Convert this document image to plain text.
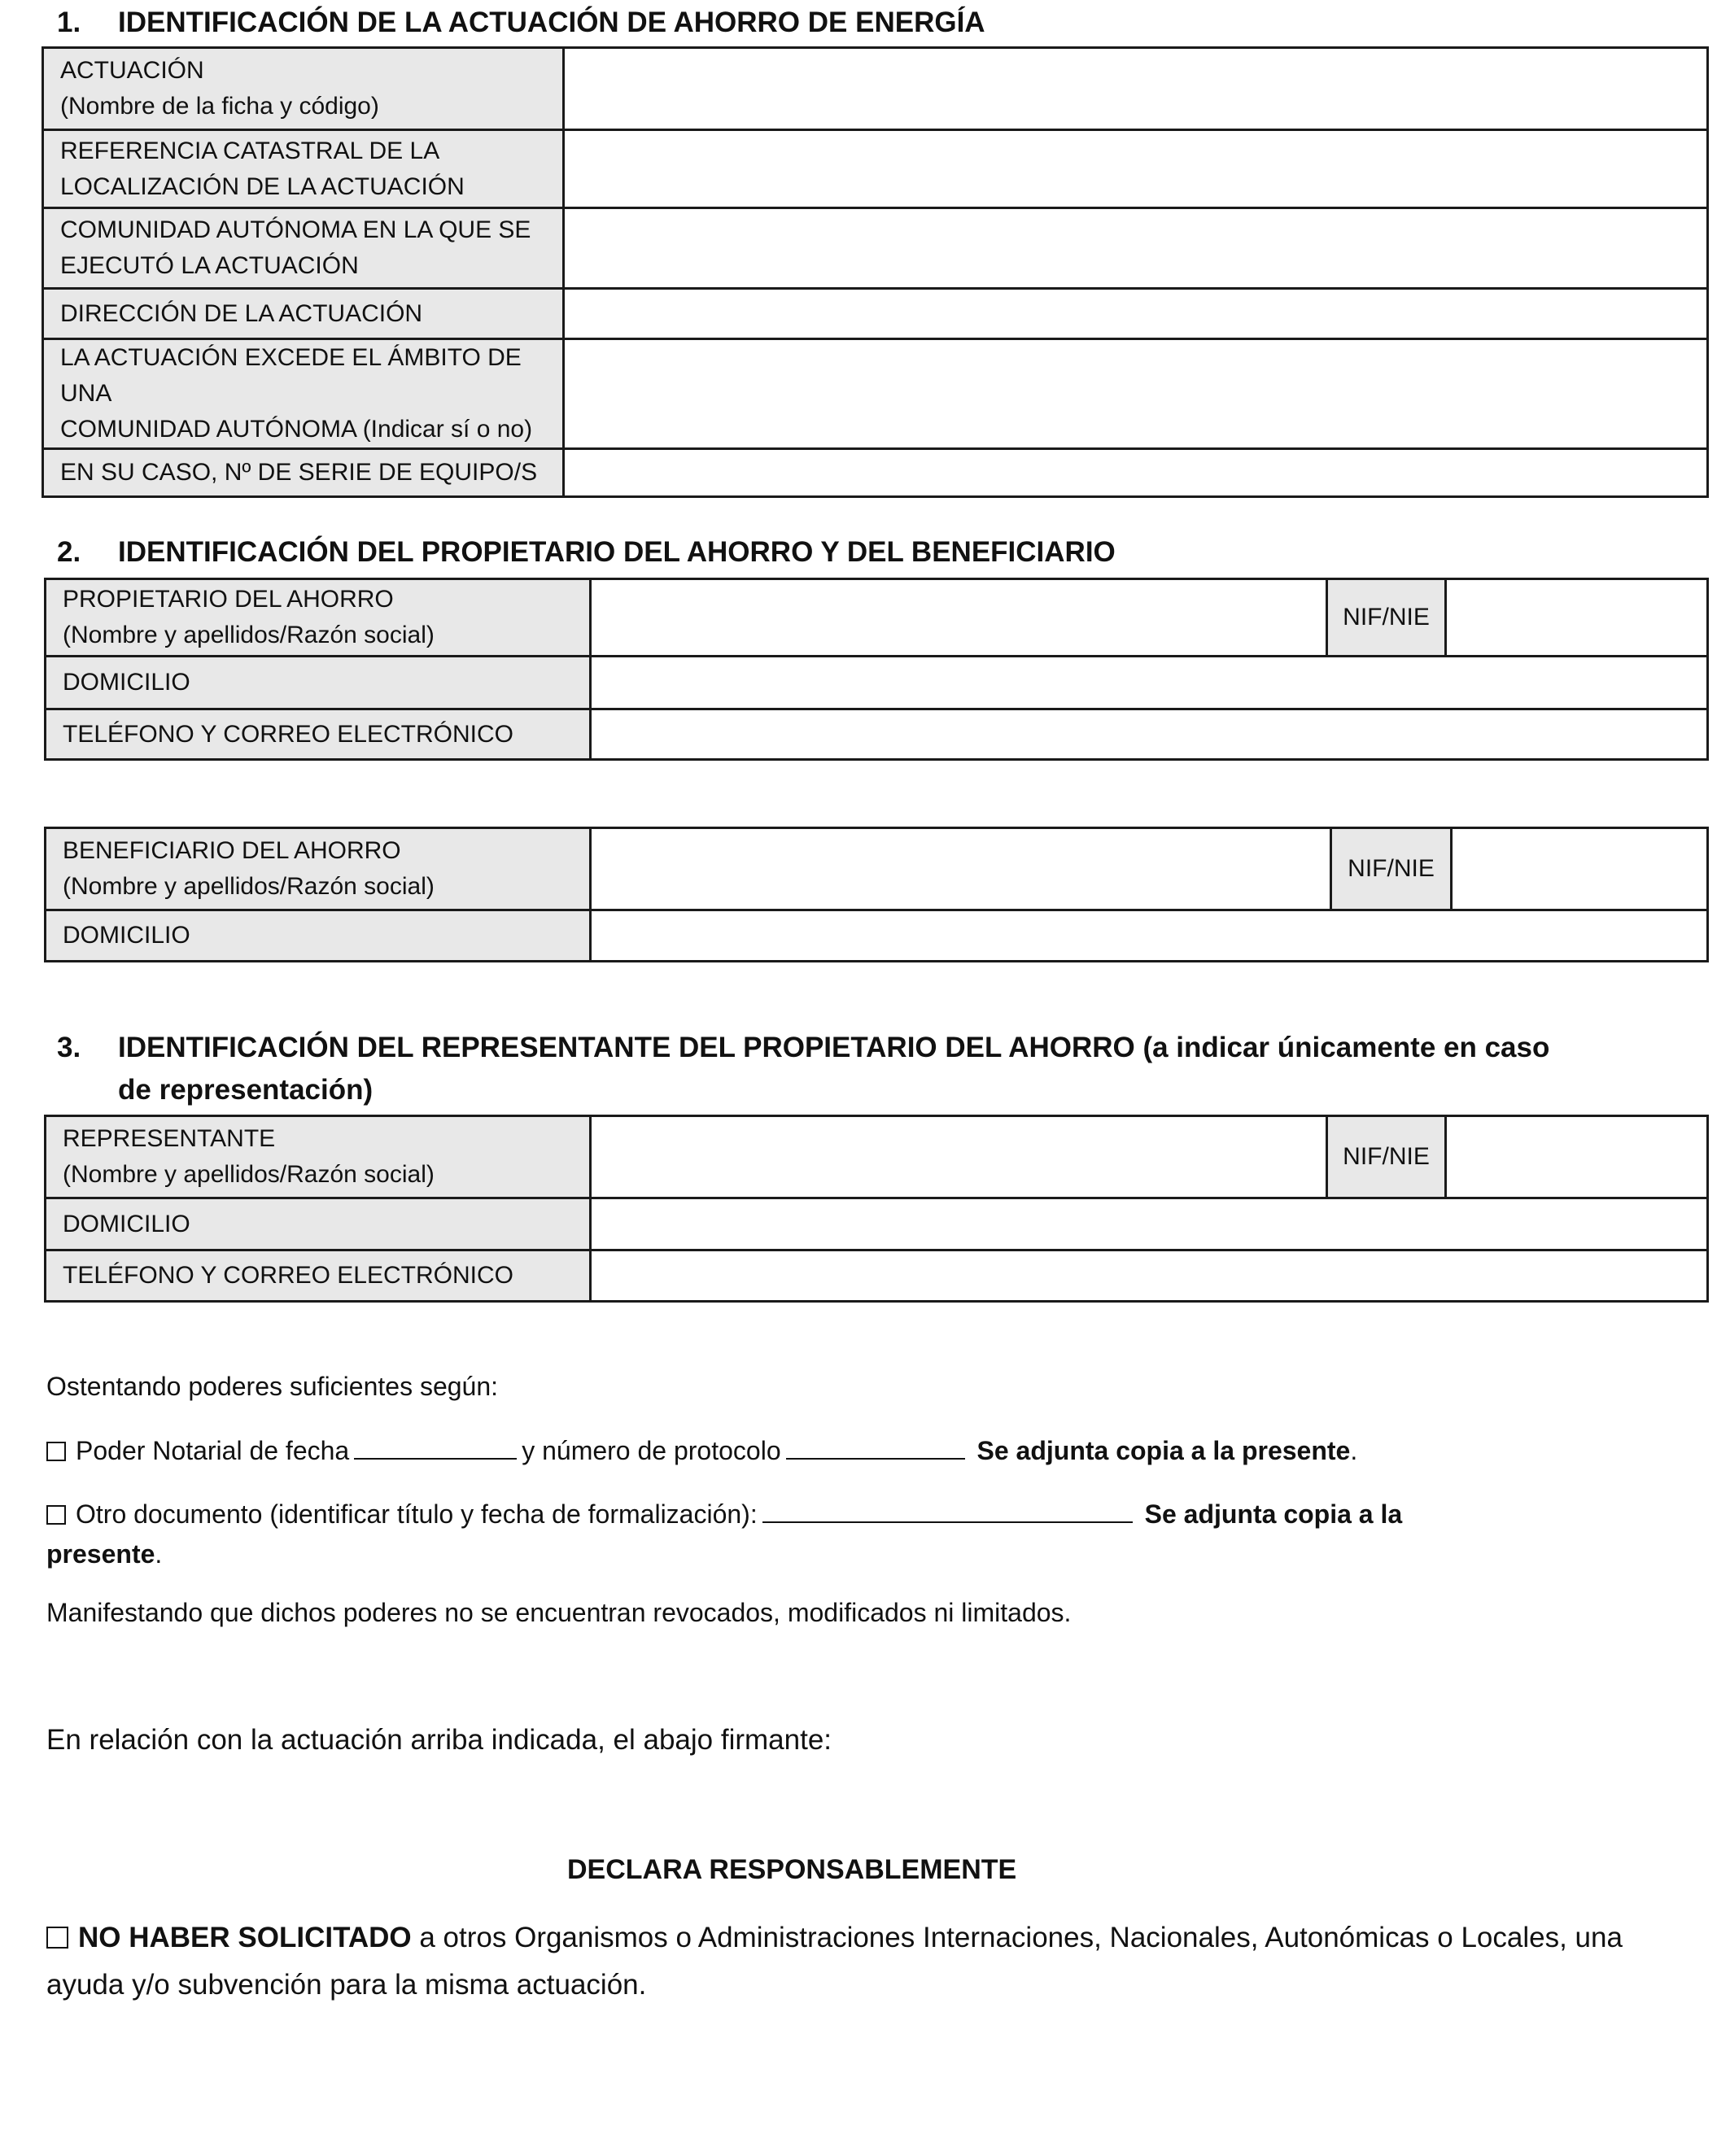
1. IDENTIFICACIÓN DE LA ACTUACIÓN DE AHORRO DE ENERGÍA
ACTUACIÓN
(Nombre de la ficha y código)	

REFERENCIA CATASTRAL DE LA
LOCALIZACIÓN DE LA ACTUACIÓN	

COMUNIDAD AUTÓNOMA EN LA QUE SE
EJECUTÓ LA ACTUACIÓN	

DIRECCIÓN DE LA ACTUACIÓN	

LA ACTUACIÓN EXCEDE EL ÁMBITO DE UNA
COMUNIDAD AUTÓNOMA (Indicar sí o no)	

EN SU CASO, Nº DE SERIE DE EQUIPO/S	

2. IDENTIFICACIÓN DEL PROPIETARIO DEL AHORRO Y DEL BENEFICIARIO
PROPIETARIO DEL AHORRO
(Nombre y apellidos/Razón social)		NIF/NIE	
DOMICILIO			
TELÉFONO Y CORREO ELECTRÓNICO			
BENEFICIARIO DEL AHORRO
(Nombre y apellidos/Razón social)		NIF/NIE	
DOMICILIO			
3. IDENTIFICACIÓN DEL REPRESENTANTE DEL PROPIETARIO DEL AHORRO (a indicar únicamente en caso
de representación)
REPRESENTANTE
(Nombre y apellidos/Razón social)		NIF/NIE	
DOMICILIO			
TELÉFONO Y CORREO ELECTRÓNICO			
Ostentando poderes suficientes según:
Poder Notarial de fecha	y número de protocolo	Se adjunta copia a la presente.
Otro documento (identificar título y fecha de formalización):	Se adjunta copia a la
presente.
Manifestando que dichos poderes no se encuentran revocados, modificados ni limitados.
En relación con la actuación arriba indicada, el abajo firmante:
DECLARA RESPONSABLEMENTE
NO HABER SOLICITADO a otros Organismos o Administraciones Internaciones, Nacionales, Autonómicas o Locales, una
ayuda y/o subvención para la misma actuación.
